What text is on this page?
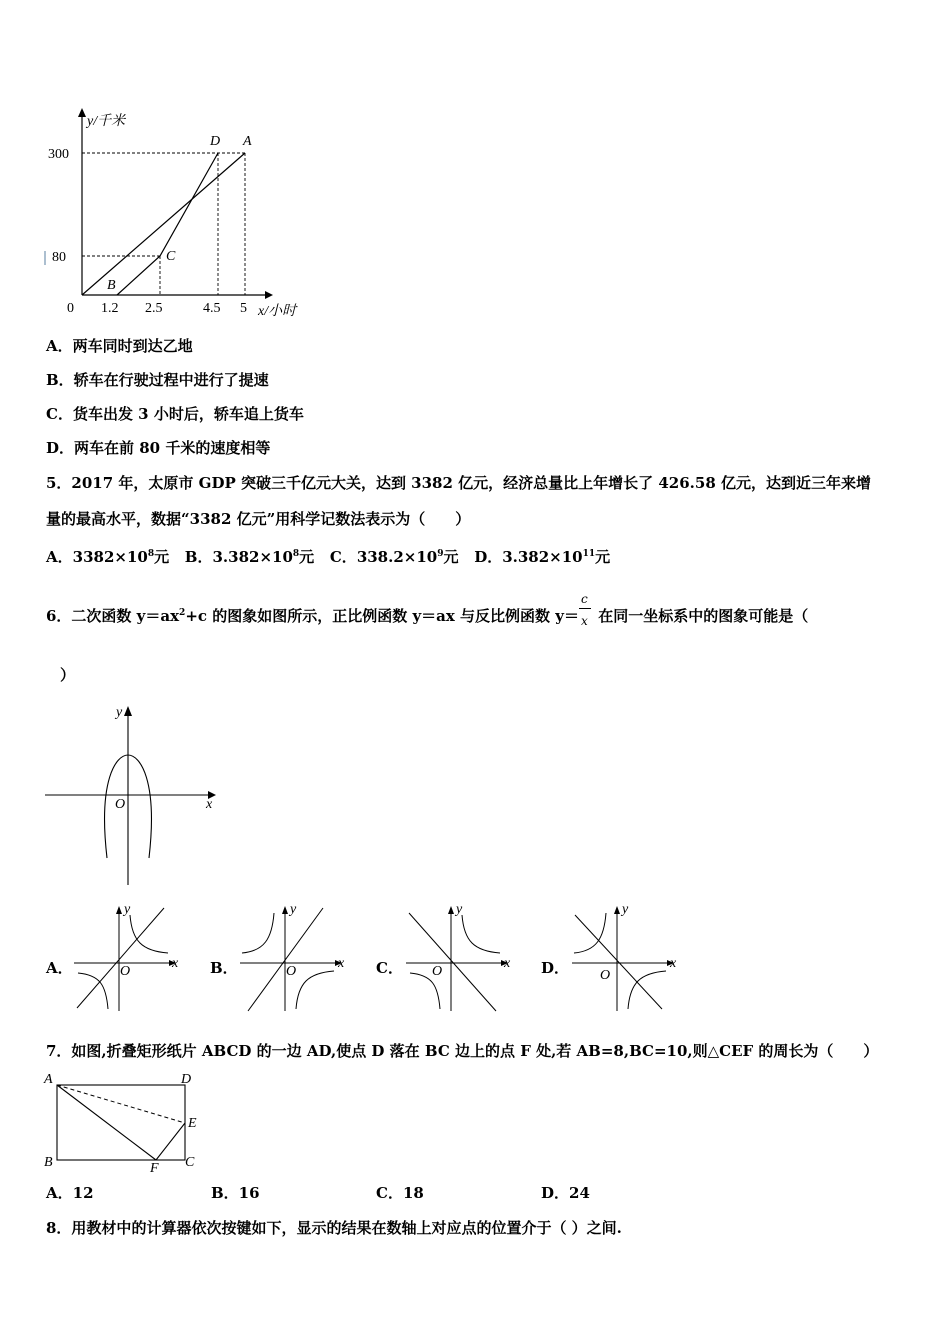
y/千米
x/小时
300
80
0 1.2 2.5	4.5 5
D A
B
C
A．两车同时到达乙地
B．轿车在行驶过程中进行了提速
C．货车出发 3 小时后，轿车追上货车
D．两车在前 80 千米的速度相等
5．2017 年，太原市 GDP 突破三千亿元大关，达到 3382 亿元，经济总量比上年增长了 426.58 亿元，达到近三年来增
量的最高水平，数据“3382 亿元”用科学记数法表示为（　　）
A．$3382\times 10^8$元 B．$3.382\times 10^8$元 C．$338.2\times 10^9$元 D．$3.382\times 10^{11}$元
6．二次函数 $y=ax^2+c$ 的图象如图所示，正比例函数 y＝ax 与反比例函数 $y= \frac{c}{x}$ 在同一坐标系中的图象可能是（
）
x
y
O
A．	B．	C．	D．
x
y
O
x
y
O
x
y
O
x
y
O
7．如图,折叠矩形纸片 ABCD 的一边 AD,使点 D 落在 BC 边上的点 F 处,若 AB=8,BC=10,则△CEF 的周长为（　　）
A	D
B	C
E
F
A．12	B．16	C．18	D．24
8．用教材中的计算器依次按键如下，显示的结果在数轴上对应点的位置介于（ ）之间.
